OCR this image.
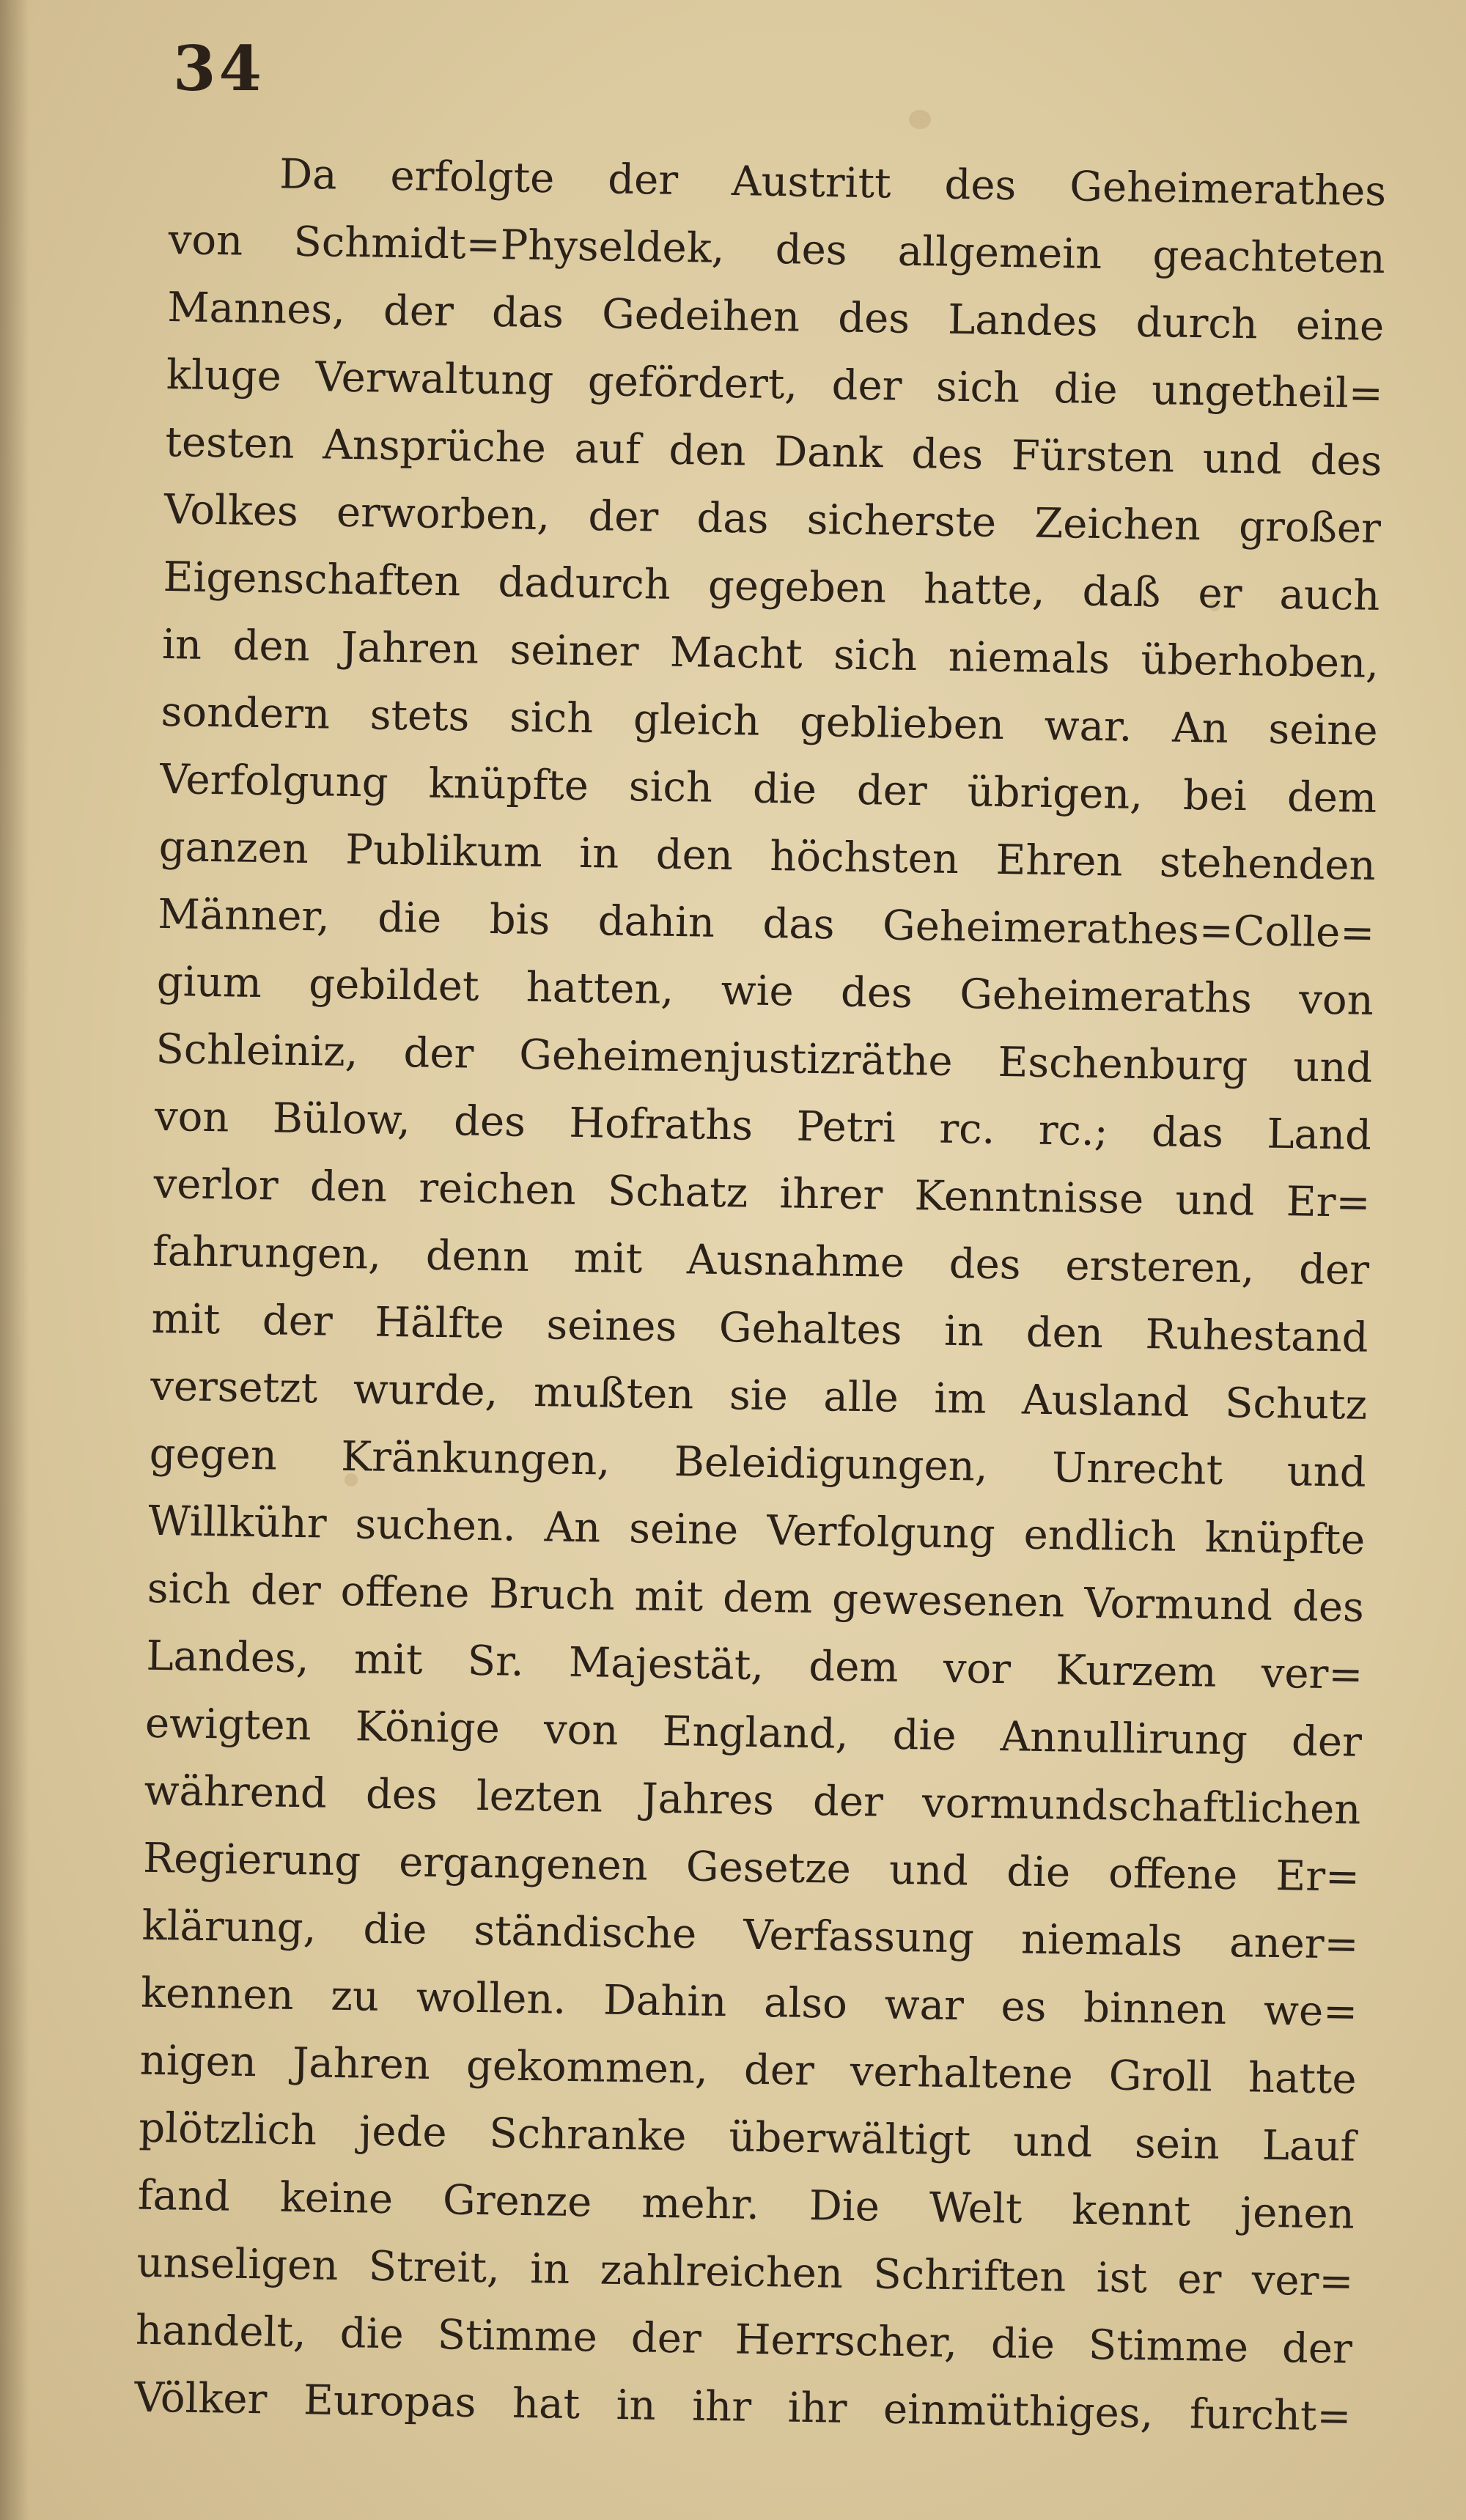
34
Da erfolgte der Austritt des Geheimerathes
von Schmidt=Physeldek, des allgemein geachteten
Mannes, der das Gedeihen des Landes durch eine
kluge Verwaltung gefördert, der sich die ungetheil=
testen Ansprüche auf den Dank des Fürsten und des
Volkes erworben, der das sicherste Zeichen großer
Eigenschaften dadurch gegeben hatte, daß er auch
in den Jahren seiner Macht sich niemals überhoben,
sondern stets sich gleich geblieben war. An seine
Verfolgung knüpfte sich die der übrigen, bei dem
ganzen Publikum in den höchsten Ehren stehenden
Männer, die bis dahin das Geheimerathes=Colle=
gium gebildet hatten, wie des Geheimeraths von
Schleiniz, der Geheimenjustizräthe Eschenburg und
von Bülow, des Hofraths Petri rc. rc.; das Land
verlor den reichen Schatz ihrer Kenntnisse und Er=
fahrungen, denn mit Ausnahme des ersteren, der
mit der Hälfte seines Gehaltes in den Ruhestand
versetzt wurde, mußten sie alle im Ausland Schutz
gegen Kränkungen, Beleidigungen, Unrecht und
Willkühr suchen. An seine Verfolgung endlich knüpfte
sich der offene Bruch mit dem gewesenen Vormund des
Landes, mit Sr. Majestät, dem vor Kurzem ver=
ewigten Könige von England, die Annullirung der
während des lezten Jahres der vormundschaftlichen
Regierung ergangenen Gesetze und die offene Er=
klärung, die ständische Verfassung niemals aner=
kennen zu wollen. Dahin also war es binnen we=
nigen Jahren gekommen, der verhaltene Groll hatte
plötzlich jede Schranke überwältigt und sein Lauf
fand keine Grenze mehr. Die Welt kennt jenen
unseligen Streit, in zahlreichen Schriften ist er ver=
handelt, die Stimme der Herrscher, die Stimme der
Völker Europas hat in ihr ihr einmüthiges, furcht=
